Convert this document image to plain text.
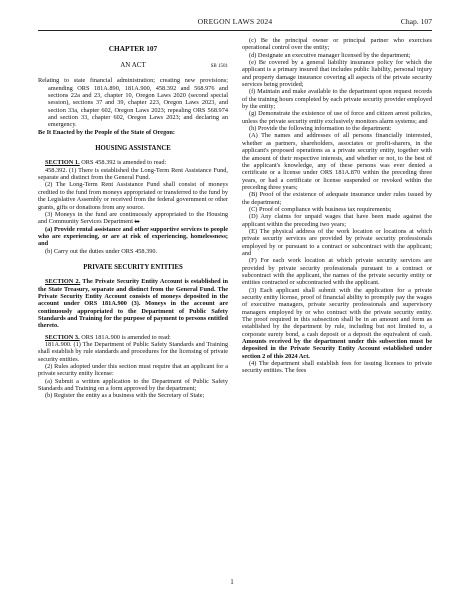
OREGON LAWS 2024	Chap. 107
CHAPTER 107
AN ACT	SB 1501

Relating to state financial administration; creating new provisions; amending ORS 181A.890, 181A.900, 458.392 and 568.976 and sections 22a and 23, chapter 10, Oregon Laws 2020 (second special session), sections 37 and 39, chapter 223, Oregon Laws 2023, and section 33a, chapter 602, Oregon Laws 2023; repealing ORS 568.974 and section 33, chapter 602, Oregon Laws 2023; and declaring an emergency.

Be It Enacted by the People of the State of Oregon:

HOUSING ASSISTANCE

SECTION 1. ORS 458.392 is amended to read:

458.392. (1) There is established the Long-Term Rent Assistance Fund, separate and distinct from the General Fund.

(2) The Long-Term Rent Assistance Fund shall consist of moneys credited to the fund from moneys appropriated or transferred to the fund by the Legislative Assembly or received from the federal government or other grants, gifts or donations from any source.

(3) Moneys in the fund are continuously appropriated to the Housing and Community Services Department to

(a) Provide rental assistance and other supportive services to people who are experiencing, or are at risk of experiencing, homelessness; and

(b) Carry out the duties under ORS 458.390.

PRIVATE SECURITY ENTITIES

SECTION 2. The Private Security Entity Account is established in the State Treasury, separate and distinct from the General Fund. The Private Security Entity Account consists of moneys deposited in the account under ORS 181A.900 (3). Moneys in the account are continuously appropriated to the Department of Public Safety Standards and Training for the purpose of payment to persons entitled thereto.

SECTION 3. ORS 181A.900 is amended to read:

181A.900. (1) The Department of Public Safety Standards and Training shall establish by rule standards and procedures for the licensing of private security entities.

(2) Rules adopted under this section must require that an applicant for a private security entity license:

(a) Submit a written application to the Department of Public Safety Standards and Training on a form approved by the department;

(b) Register the entity as a business with the Secretary of State;

(c) Be the principal owner or principal partner who exercises operational control over the entity;

(d) Designate an executive manager licensed by the department;

(e) Be covered by a general liability insurance policy for which the applicant is a primary insured that includes public liability, personal injury and property damage insurance covering all aspects of the private security services being provided;

(f) Maintain and make available to the department upon request records of the training hours completed by each private security provider employed by the entity;

(g) Demonstrate the existence of use of force and citizen arrest policies, unless the private security entity exclusively monitors alarm systems; and

(h) Provide the following information to the department:

(A) The names and addresses of all persons financially interested, whether as partners, shareholders, associates or profit-sharers, in the applicant's proposed operations as a private security entity, together with the amount of their respective interests, and whether or not, to the best of the applicant's knowledge, any of these persons was ever denied a certificate or a license under ORS 181A.870 within the preceding three years, or had a certificate or license suspended or revoked within the preceding three years;

(B) Proof of the existence of adequate insurance under rules issued by the department;

(C) Proof of compliance with business tax requirements;

(D) Any claims for unpaid wages that have been made against the applicant within the preceding two years;

(E) The physical address of the work location or locations at which private security services are provided by private security professionals employed by or pursuant to a contract or subcontract with the applicant; and

(F) For each work location at which private security services are provided by private security professionals pursuant to a contract or subcontract with the applicant, the names of the private security entity or entities contracted or subcontracted with the applicant.

(3) Each applicant shall submit with the application for a private security entity license, proof of financial ability to promptly pay the wages of executive managers, private security professionals and supervisory managers employed by or who contract with the private security entity. The proof required in this subsection shall be in an amount and form as established by the department by rule, including but not limited to, a corporate surety bond, a cash deposit or a deposit the equivalent of cash. Amounts received by the department under this subsection must be deposited in the Private Security Entity Account established under section 2 of this 2024 Act.

(4) The department shall establish fees for issuing licenses to private security entities. The fees

1
